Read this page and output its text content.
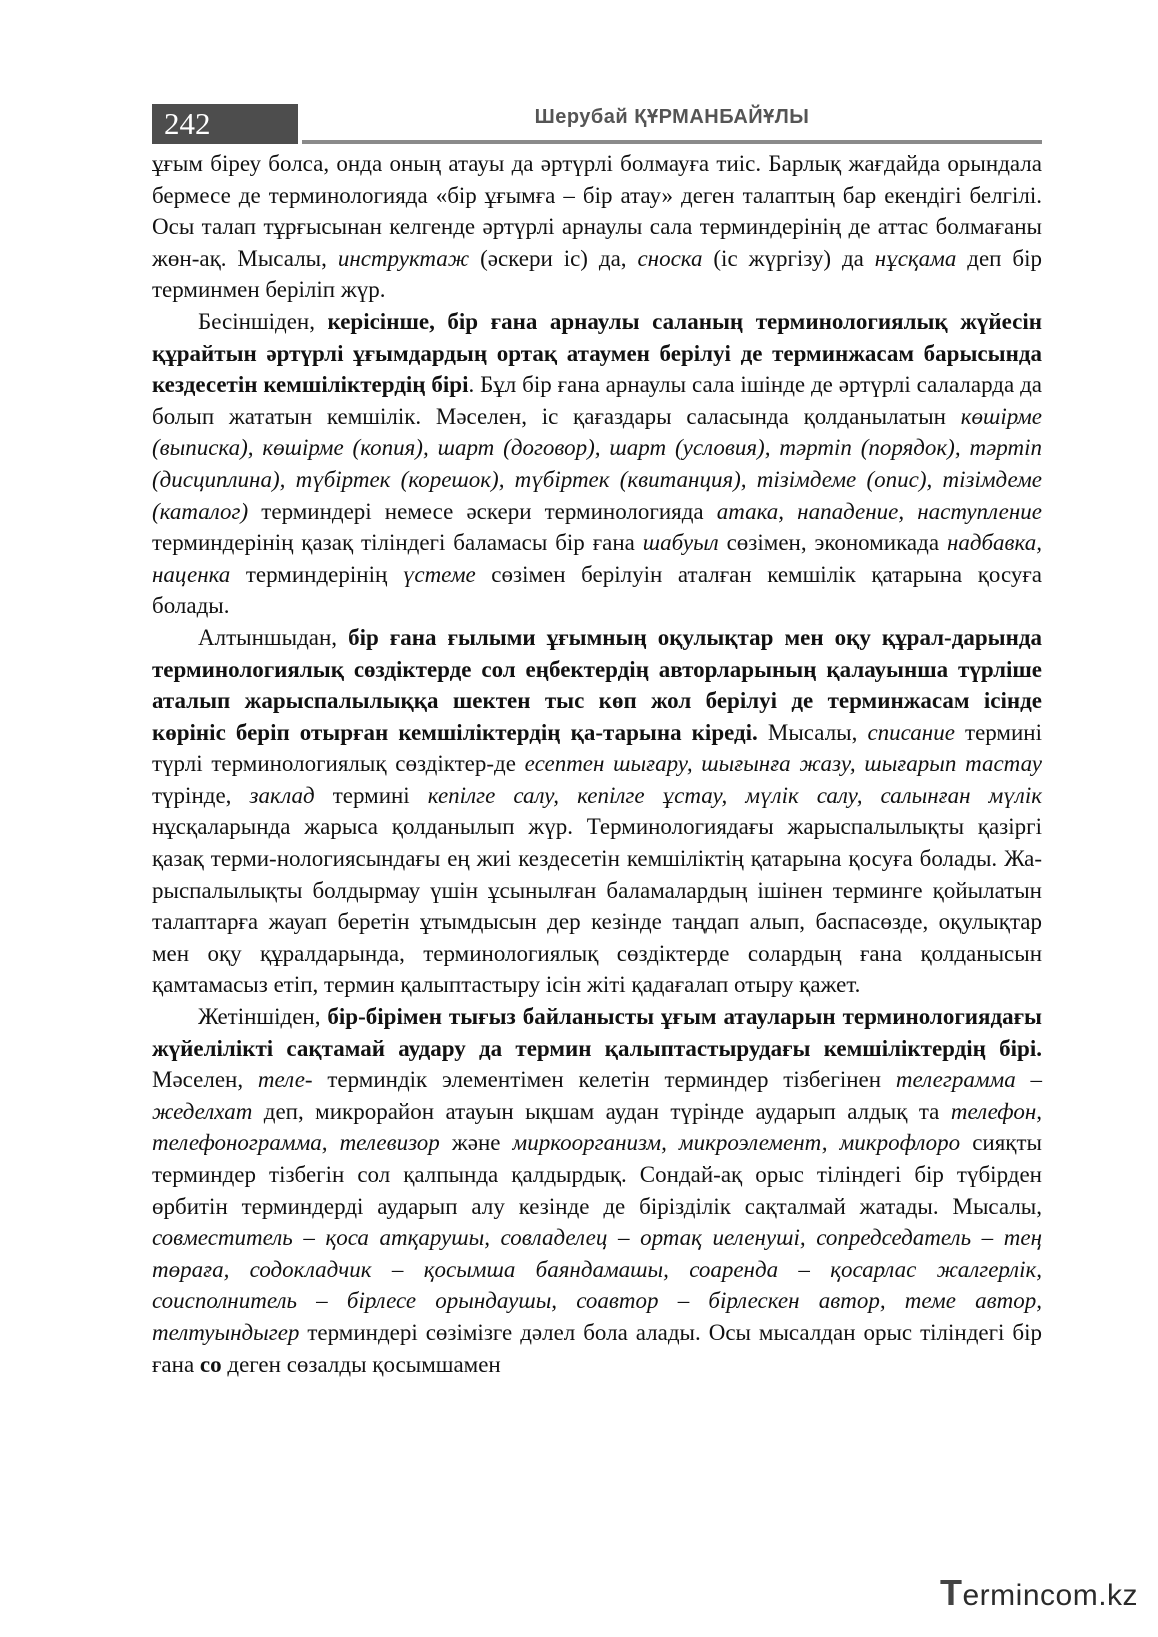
242	Шерубай ҚҰРМАНБАЙҰЛЫ

ұғым біреу болса, онда оның атауы да әртүрлі болмауға тиіс. Барлық жағдайда орындала бермесе де терминологияда «бір ұғымға – бір атау» деген талаптың бар екендігі белгілі. Осы талап тұрғысынан келгенде әртүрлі арнаулы сала терминдерінің де аттас болмағаны жөн-ақ. Мысалы, инструктаж (әскери іс) да, сноска (іс жүргізу) да нұсқама деп бір терминмен беріліп жүр.

Бесіншіден, керісінше, бір ғана арнаулы саланың терминологиялық жүйесін құрайтын әртүрлі ұғымдардың ортақ атаумен берілуі де терминжасам барысында кездесетін кемшіліктердің бірі. Бұл бір ғана арнаулы сала ішінде де әртүрлі салаларда да болып жататын кемшілік. Мәселен, іс қағаздары саласында қолданылатын көшірме (выписка), көшірме (копия), шарт (договор), шарт (условия), тәртіп (порядок), тәртіп (дисциплина), түбіртек (корешок), түбіртек (квитанция), тізімдеме (опис), тізімдеме (каталог) терминдері немесе әскери терминологияда атака, нападение, наступление терминдерінің қазақ тіліндегі баламасы бір ғана шабуыл сөзімен, экономикада надбавка, наценка терминдерінің үстеме сөзімен берілуін аталған кемшілік қатарына қосуға болады.

Алтыншыдан, бір ғана ғылыми ұғымның оқулықтар мен оқу құрал-дарында терминологиялық сөздіктерде сол еңбектердің авторларының қалауынша түрліше аталып жарыспалылыққа шектен тыс көп жол берілуі де терминжасам ісінде көрініс беріп отырған кемшіліктердің қа-тарына кіреді. Мысалы, списание термині түрлі терминологиялық сөздіктер-де есептен шығару, шығынға жазу, шығарып тастау түрінде, заклад термині кепілге салу, кепілге ұстау, мүлік салу, салынған мүлік нұсқаларында жарыса қолданылып жүр. Терминологиядағы жарыспалылықты қазіргі қазақ терми-нологиясындағы ең жиі кездесетін кемшіліктің қатарына қосуға болады. Жа-рыспалылықты болдырмау үшін ұсынылған баламалардың ішінен терминге қойылатын талаптарға жауап беретін ұтымдысын дер кезінде таңдап алып, баспасөзде, оқулықтар мен оқу құралдарында, терминологиялық сөздіктерде солардың ғана қолданысын қамтамасыз етіп, термин қалыптастыру ісін жіті қадағалап отыру қажет.

Жетіншіден, бір-бірімен тығыз байланысты ұғым атауларын терминологиядағы жүйелілікті сақтамай аудару да термин қалыптастырудағы кемшіліктердің бірі. Мәселен, теле- терминдік элементімен келетін терминдер тізбегінен телеграмма – жеделхат деп, микрорайон атауын ықшам аудан түрінде аударып алдық та телефон, телефонограмма, телевизор және миркоорганизм, микроэлемент, микрофлоро сияқты терминдер тізбегін сол қалпында қалдырдық. Сондай-ақ орыс тіліндегі бір түбірден өрбитін терминдерді аударып алу кезінде де бірізділік сақталмай жатады. Мысалы, совместитель – қоса атқарушы, совладелец – ортақ иеленуші, сопредседатель – тең төраға, содокладчик – қосымша баяндамашы, соаренда – қосарлас жалгерлік, соисполнитель – бірлесе орындаушы, соавтор – бірлескен автор, теме автор, телтуындыгер терминдері сөзімізге дәлел бола алады. Осы мысалдан орыс тіліндегі бір ғана со деген сөзалды қосымшамен

Termincom.kz
